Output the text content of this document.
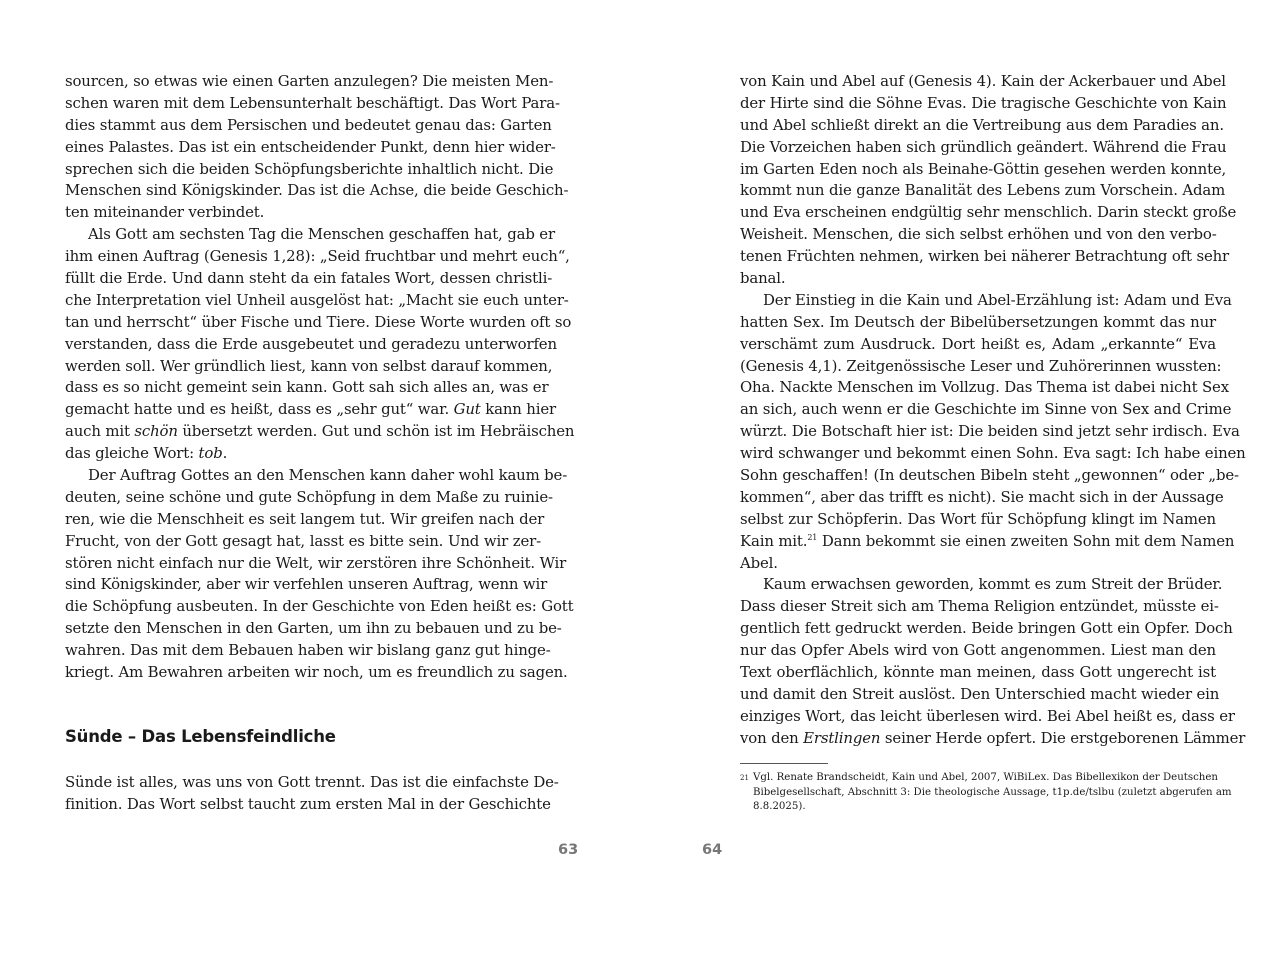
sourcen, so etwas wie einen Garten anzulegen? Die meisten Men-
schen waren mit dem Lebensunterhalt beschäftigt. Das Wort Para-
dies stammt aus dem Persischen und bedeutet genau das: Garten
eines Palastes. Das ist ein entscheidender Punkt, denn hier wider-
sprechen sich die beiden Schöpfungsberichte inhaltlich nicht. Die
Menschen sind Königskinder. Das ist die Achse, die beide Geschich-
ten miteinander verbindet.
Als Gott am sechsten Tag die Menschen geschaffen hat, gab er
ihm einen Auftrag (Genesis 1,28): „Seid fruchtbar und mehrt euch“,
füllt die Erde. Und dann steht da ein fatales Wort, dessen christli-
che Interpretation viel Unheil ausgelöst hat: „Macht sie euch unter-
tan und herrscht“ über Fische und Tiere. Diese Worte wurden oft so
verstanden, dass die Erde ausgebeutet und geradezu unterworfen
werden soll. Wer gründlich liest, kann von selbst darauf kommen,
dass es so nicht gemeint sein kann. Gott sah sich alles an, was er
gemacht hatte und es heißt, dass es „sehr gut“ war. Gut kann hier
auch mit schön übersetzt werden. Gut und schön ist im Hebräischen
das gleiche Wort: tob.
Der Auftrag Gottes an den Menschen kann daher wohl kaum be-
deuten, seine schöne und gute Schöpfung in dem Maße zu ruinie-
ren, wie die Menschheit es seit langem tut. Wir greifen nach der
Frucht, von der Gott gesagt hat, lasst es bitte sein. Und wir zer-
stören nicht einfach nur die Welt, wir zerstören ihre Schönheit. Wir
sind Königskinder, aber wir verfehlen unseren Auftrag, wenn wir
die Schöpfung ausbeuten. In der Geschichte von Eden heißt es: Gott
setzte den Menschen in den Garten, um ihn zu bebauen und zu be-
wahren. Das mit dem Bebauen haben wir bislang ganz gut hinge-
kriegt. Am Bewahren arbeiten wir noch, um es freundlich zu sagen.
Sünde – Das Lebensfeindliche
Sünde ist alles, was uns von Gott trennt. Das ist die einfachste De-
finition. Das Wort selbst taucht zum ersten Mal in der Geschichte
63
von Kain und Abel auf (Genesis 4). Kain der Ackerbauer und Abel
der Hirte sind die Söhne Evas. Die tragische Geschichte von Kain
und Abel schließt direkt an die Vertreibung aus dem Paradies an.
Die Vorzeichen haben sich gründlich geändert. Während die Frau
im Garten Eden noch als Beinahe-Göttin gesehen werden konnte,
kommt nun die ganze Banalität des Lebens zum Vorschein. Adam
und Eva erscheinen endgültig sehr menschlich. Darin steckt große
Weisheit. Menschen, die sich selbst erhöhen und von den verbo-
tenen Früchten nehmen, wirken bei näherer Betrachtung oft sehr
banal.
Der Einstieg in die Kain und Abel-Erzählung ist: Adam und Eva
hatten Sex. Im Deutsch der Bibelübersetzungen kommt das nur
verschämt zum Ausdruck. Dort heißt es, Adam „erkannte“ Eva
(Genesis 4,1). Zeitgenössische Leser und Zuhörerinnen wussten:
Oha. Nackte Menschen im Vollzug. Das Thema ist dabei nicht Sex
an sich, auch wenn er die Geschichte im Sinne von Sex and Crime
würzt. Die Botschaft hier ist: Die beiden sind jetzt sehr irdisch. Eva
wird schwanger und bekommt einen Sohn. Eva sagt: Ich habe einen
Sohn geschaffen! (In deutschen Bibeln steht „gewonnen“ oder „be-
kommen“, aber das trifft es nicht). Sie macht sich in der Aussage
selbst zur Schöpferin. Das Wort für Schöpfung klingt im Namen
Kain mit.$^{21}$ Dann bekommt sie einen zweiten Sohn mit dem Namen
Abel.
Kaum erwachsen geworden, kommt es zum Streit der Brüder.
Dass dieser Streit sich am Thema Religion entzündet, müsste ei-
gentlich fett gedruckt werden. Beide bringen Gott ein Opfer. Doch
nur das Opfer Abels wird von Gott angenommen. Liest man den
Text oberflächlich, könnte man meinen, dass Gott ungerecht ist
und damit den Streit auslöst. Den Unterschied macht wieder ein
einziges Wort, das leicht überlesen wird. Bei Abel heißt es, dass er
von den Erstlingen seiner Herde opfert. Die erstgeborenen Lämmer
21 Vgl. Renate Brandscheidt, Kain und Abel, 2007, WiBiLex. Das Bibellexikon der Deutschen
Bibelgesellschaft, Abschnitt 3: Die theologische Aussage, t1p.de/tslbu (zuletzt abgerufen am
8.8.2025).
64
